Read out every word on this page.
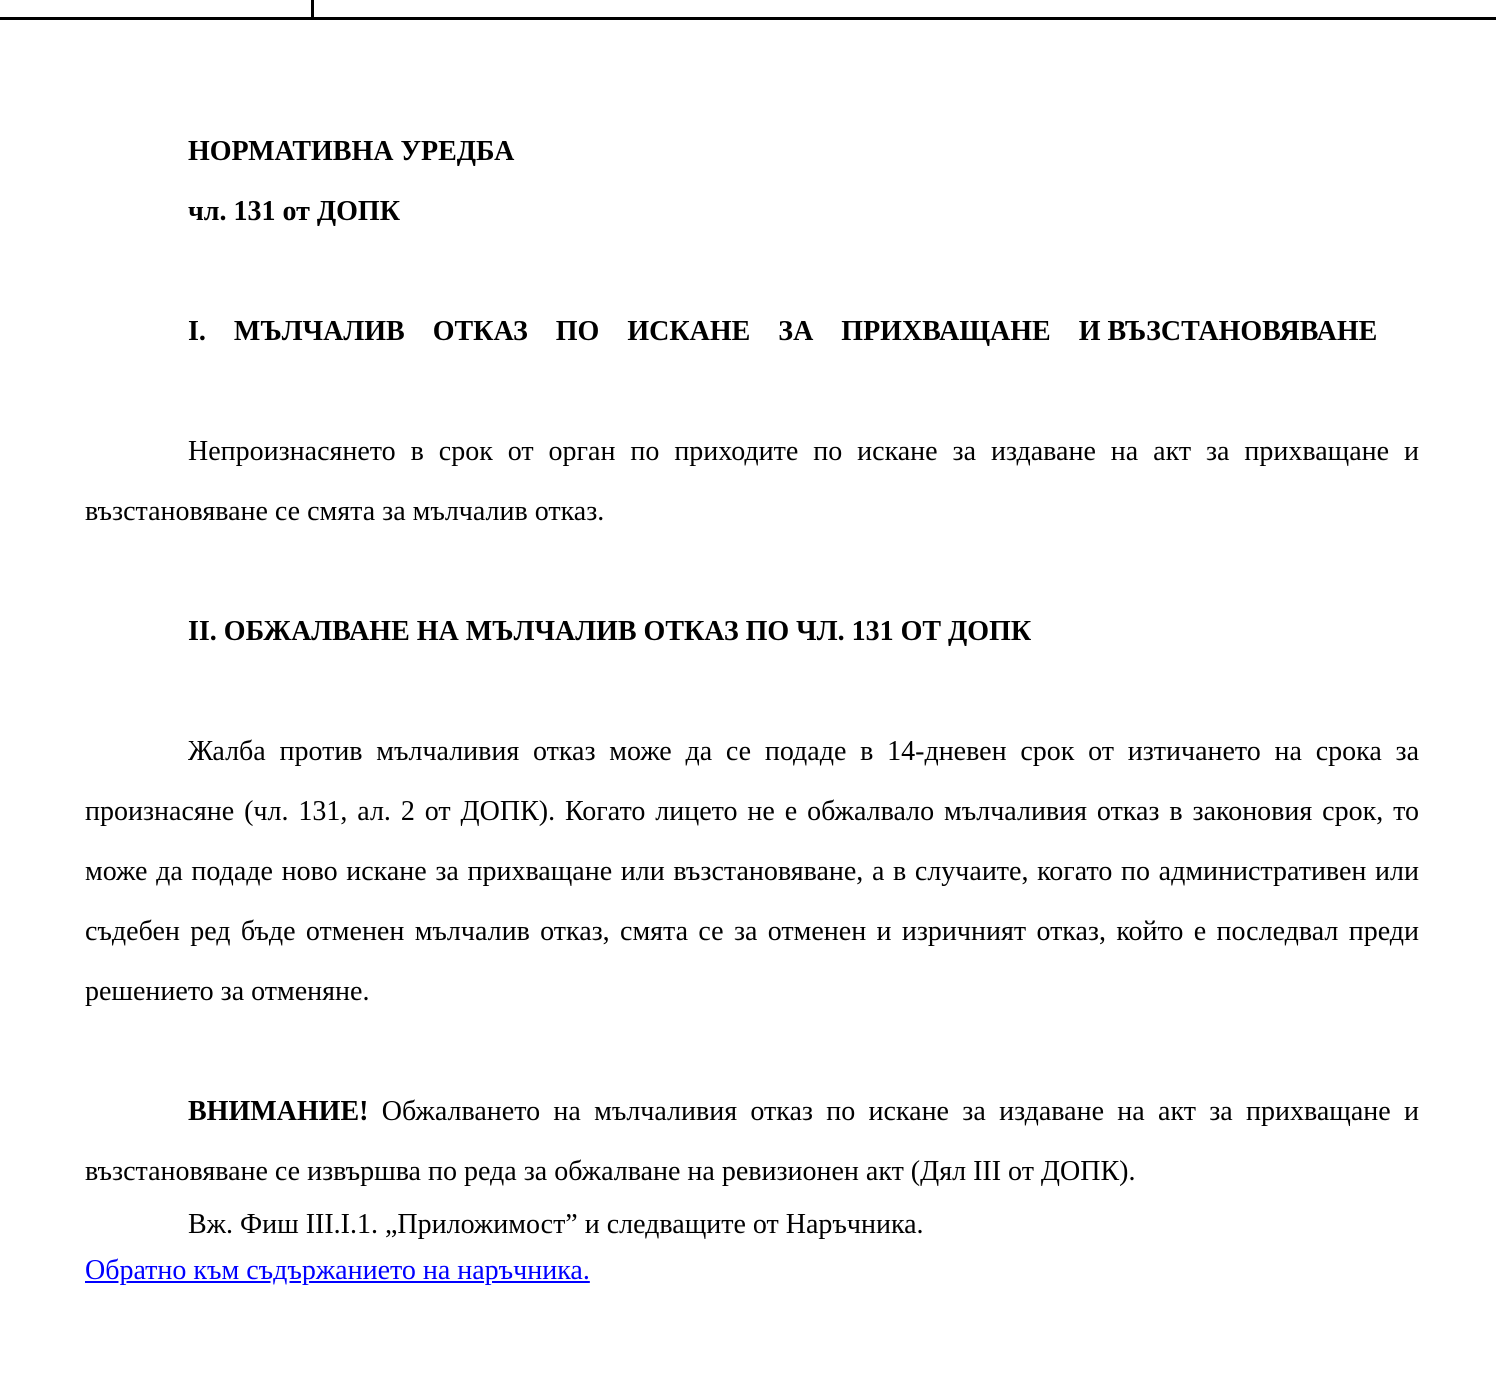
НОРМАТИВНА УРЕДБА
чл. 131 от ДОПК
I. МЪЛЧАЛИВ ОТКАЗ ПО ИСКАНЕ ЗА ПРИХВАЩАНЕ И ВЪЗСТАНОВЯВАНЕ
Непроизнасянето в срок от орган по приходите по искане за издаване на акт за прихващане и възстановяване се смята за мълчалив отказ.
II. ОБЖАЛВАНЕ НА МЪЛЧАЛИВ ОТКАЗ ПО ЧЛ. 131 ОТ ДОПК
Жалба против мълчаливия отказ може да се подаде в 14-дневен срок от изтичането на срока за произнасяне (чл. 131, ал. 2 от ДОПК). Когато лицето не е обжалвало мълчаливия отказ в законовия срок, то може да подаде ново искане за прихващане или възстановяване, а в случаите, когато по административен или съдебен ред бъде отменен мълчалив отказ, смята се за отменен и изричният отказ, който е последвал преди решението за отменяне.
ВНИМАНИЕ! Обжалването на мълчаливия отказ по искане за издаване на акт за прихващане и възстановяване се извършва по реда за обжалване на ревизионен акт (Дял III от ДОПК).
Вж. Фиш III.I.1. „Приложимост” и следващите от Наръчника.
Обратно към съдържанието на наръчника.
